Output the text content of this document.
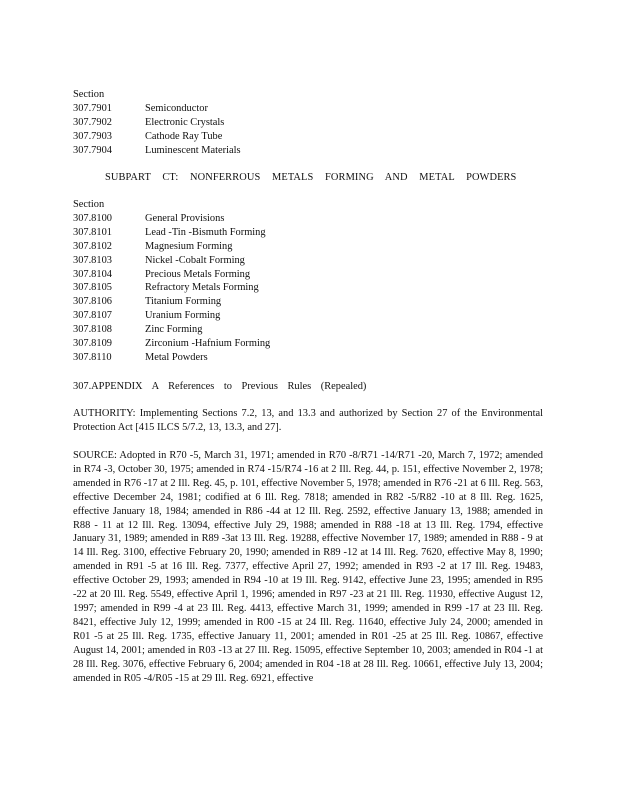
Section
307.7901	Semiconductor
307.7902	Electronic Crystals
307.7903	Cathode Ray Tube
307.7904	Luminescent Materials
SUBPART CT: NONFERROUS METALS FORMING AND METAL POWDERS
Section
307.8100	General Provisions
307.8101	Lead -Tin -Bismuth Forming
307.8102	Magnesium Forming
307.8103	Nickel -Cobalt Forming
307.8104	Precious Metals Forming
307.8105	Refractory Metals Forming
307.8106	Titanium Forming
307.8107	Uranium Forming
307.8108	Zinc Forming
307.8109	Zirconium -Hafnium Forming
307.8110	Metal Powders
307.APPENDIX A References to Previous Rules (Repealed)
AUTHORITY: Implementing Sections 7.2, 13, and 13.3 and authorized by Section 27 of the Environmental Protection Act [415 ILCS 5/7.2, 13, 13.3, and 27].
SOURCE: Adopted in R70 -5, March 31, 1971; amended in R70 -8/R71 -14/R71 -20, March 7, 1972; amended in R74 -3, October 30, 1975; amended in R74 -15/R74 -16 at 2 Ill. Reg. 44, p. 151, effective November 2, 1978; amended in R76 -17 at 2 Ill. Reg. 45, p. 101, effective November 5, 1978; amended in R76 -21 at 6 Ill. Reg. 563, effective December 24, 1981; codified at 6 Ill. Reg. 7818; amended in R82 -5/R82 -10 at 8 Ill. Reg. 1625, effective January 18, 1984; amended in R86 -44 at 12 Ill. Reg. 2592, effective January 13, 1988; amended in R88 - 11 at 12 Ill. Reg. 13094, effective July 29, 1988; amended in R88 -18 at 13 Ill. Reg. 1794, effective January 31, 1989; amended in R89 -3at 13 Ill. Reg. 19288, effective November 17, 1989; amended in R88 - 9 at 14 Ill. Reg. 3100, effective February 20, 1990; amended in R89 -12 at 14 Ill. Reg. 7620, effective May 8, 1990; amended in R91 -5 at 16 Ill. Reg. 7377, effective April 27, 1992; amended in R93 -2 at 17 Ill. Reg. 19483, effective October 29, 1993; amended in R94 -10 at 19 Ill. Reg. 9142, effective June 23, 1995; amended in R95 -22 at 20 Ill. Reg. 5549, effective April 1, 1996; amended in R97 -23 at 21 Ill. Reg. 11930, effective August 12, 1997; amended in R99 -4 at 23 Ill. Reg. 4413, effective March 31, 1999; amended in R99 -17 at 23 Ill. Reg. 8421, effective July 12, 1999; amended in R00 -15 at 24 Ill. Reg. 11640, effective July 24, 2000; amended in R01 -5 at 25 Ill. Reg. 1735, effective January 11, 2001; amended in R01 -25 at 25 Ill. Reg. 10867, effective August 14, 2001; amended in R03 -13 at 27 Ill. Reg. 15095, effective September 10, 2003; amended in R04 -1 at 28 Ill. Reg. 3076, effective February 6, 2004; amended in R04 -18 at 28 Ill. Reg. 10661, effective July 13, 2004; amended in R05 -4/R05 -15 at 29 Ill. Reg. 6921, effective
